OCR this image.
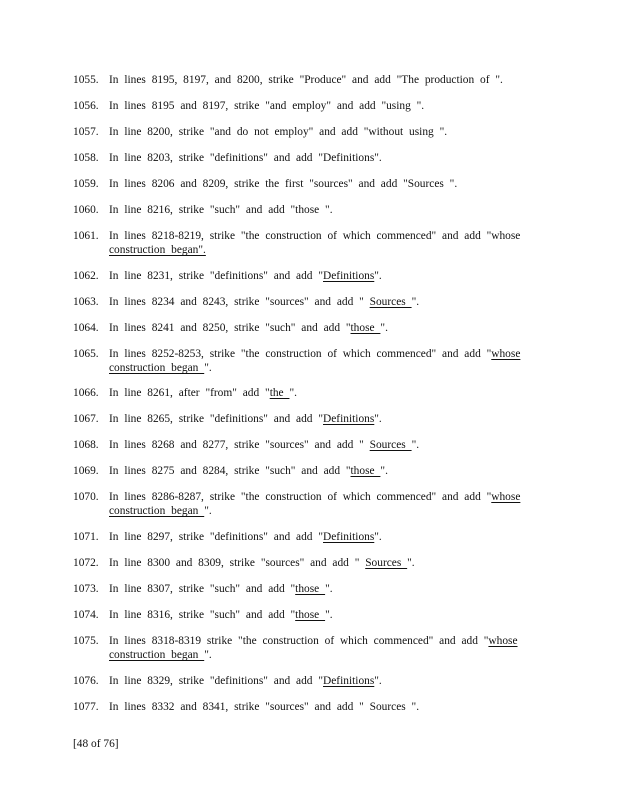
1055. In lines 8195, 8197, and 8200, strike "Produce" and add "The production of ".
1056. In lines 8195 and 8197, strike "and employ" and add "using ".
1057. In line 8200, strike "and do not employ" and add "without using ".
1058. In line 8203, strike "definitions" and add "Definitions".
1059. In lines 8206 and 8209, strike the first "sources" and add "Sources ".
1060. In line 8216, strike "such" and add "those ".
1061. In lines 8218-8219, strike "the construction of which commenced" and add "whose
construction began".
1062. In line 8231, strike "definitions" and add "Definitions".
1063. In lines 8234 and 8243, strike "sources" and add " Sources ".
1064. In lines 8241 and 8250, strike "such" and add "those ".
1065. In lines 8252-8253, strike "the construction of which commenced" and add "whose
construction began ".
1066. In line 8261, after "from" add "the ".
1067. In line 8265, strike "definitions" and add "Definitions".
1068. In lines 8268 and 8277, strike "sources" and add " Sources ".
1069. In lines 8275 and 8284, strike "such" and add "those ".
1070. In lines 8286-8287, strike "the construction of which commenced" and add "whose
construction began ".
1071. In line 8297, strike "definitions" and add "Definitions".
1072. In line 8300 and 8309, strike "sources" and add " Sources ".
1073. In line 8307, strike "such" and add "those ".
1074. In line 8316, strike "such" and add "those ".
1075. In lines 8318-8319 strike "the construction of which commenced" and add "whose
construction began ".
1076. In line 8329, strike "definitions" and add "Definitions".
1077. In lines 8332 and 8341, strike "sources" and add " Sources ".
[48 of 76]
